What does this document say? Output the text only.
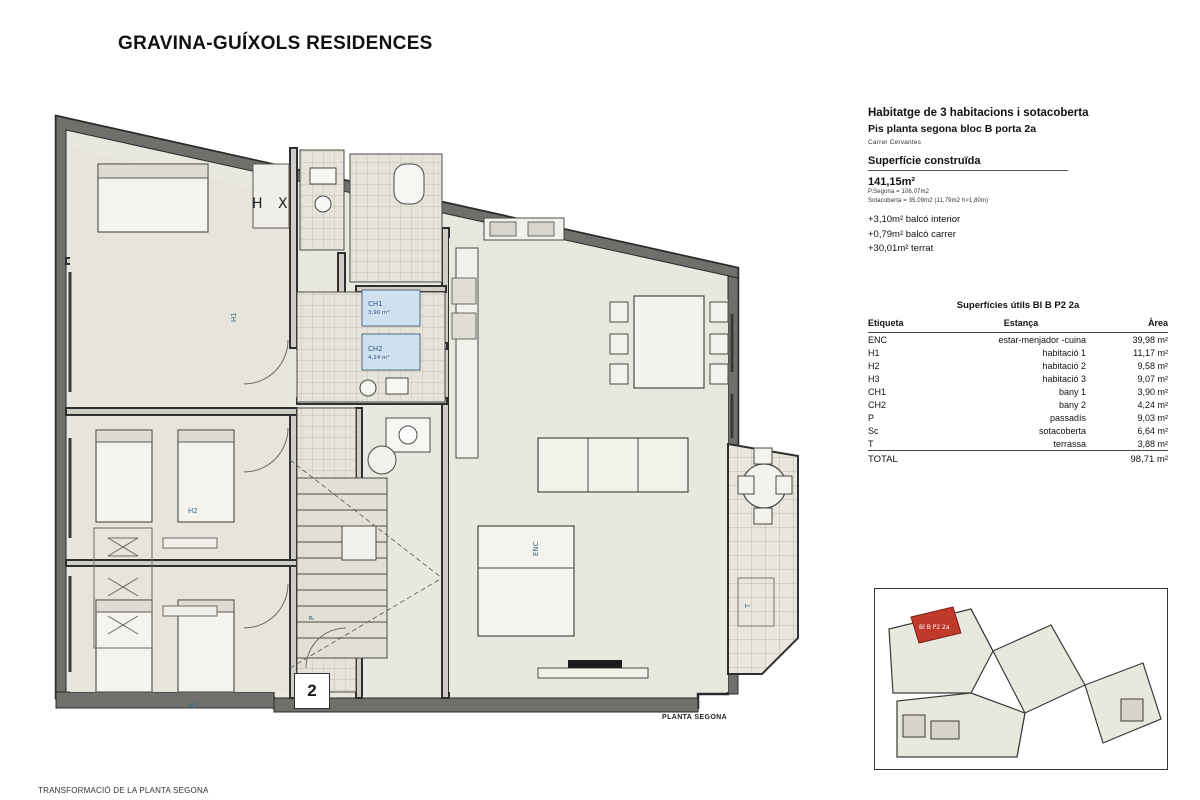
GRAVINA-GUÍXOLS RESIDENCES
H X
CH1
3,90 m²
CH2
4,24 m²
H1
H2
H3
P
ENC
T
2
PLANTA SEGONA
Habitatge de 3 habitacions i sotacoberta
Pis planta segona bloc B porta 2a
Carrer Cervantes
Superfície construïda
141,15m²
P.Segona = 106,07m2
Sotacoberta = 35,09m2 (11,79m2 h>1,80m)
+3,10m² balcó interior
+0,79m² balcó carrer
+30,01m² terrat
Superfícies útils Bl B P2 2a
Etiqueta	Estança	Àrea
ENC	estar-menjador -cuina	39,98 m²
H1	habitació 1	11,17 m²
H2	habitació 2	9,58 m²
H3	habitació 3	9,07 m²
CH1	bany 1	3,90 m²
CH2	bany 2	4,24 m²
P	passadís	9,03 m²
Sc	sotacoberta	6,64 m²
T	terrassa	3,88 m²
TOTAL		98,71 m²
Bl B P2 2a
TRANSFORMACIÓ DE LA PLANTA SEGONA
